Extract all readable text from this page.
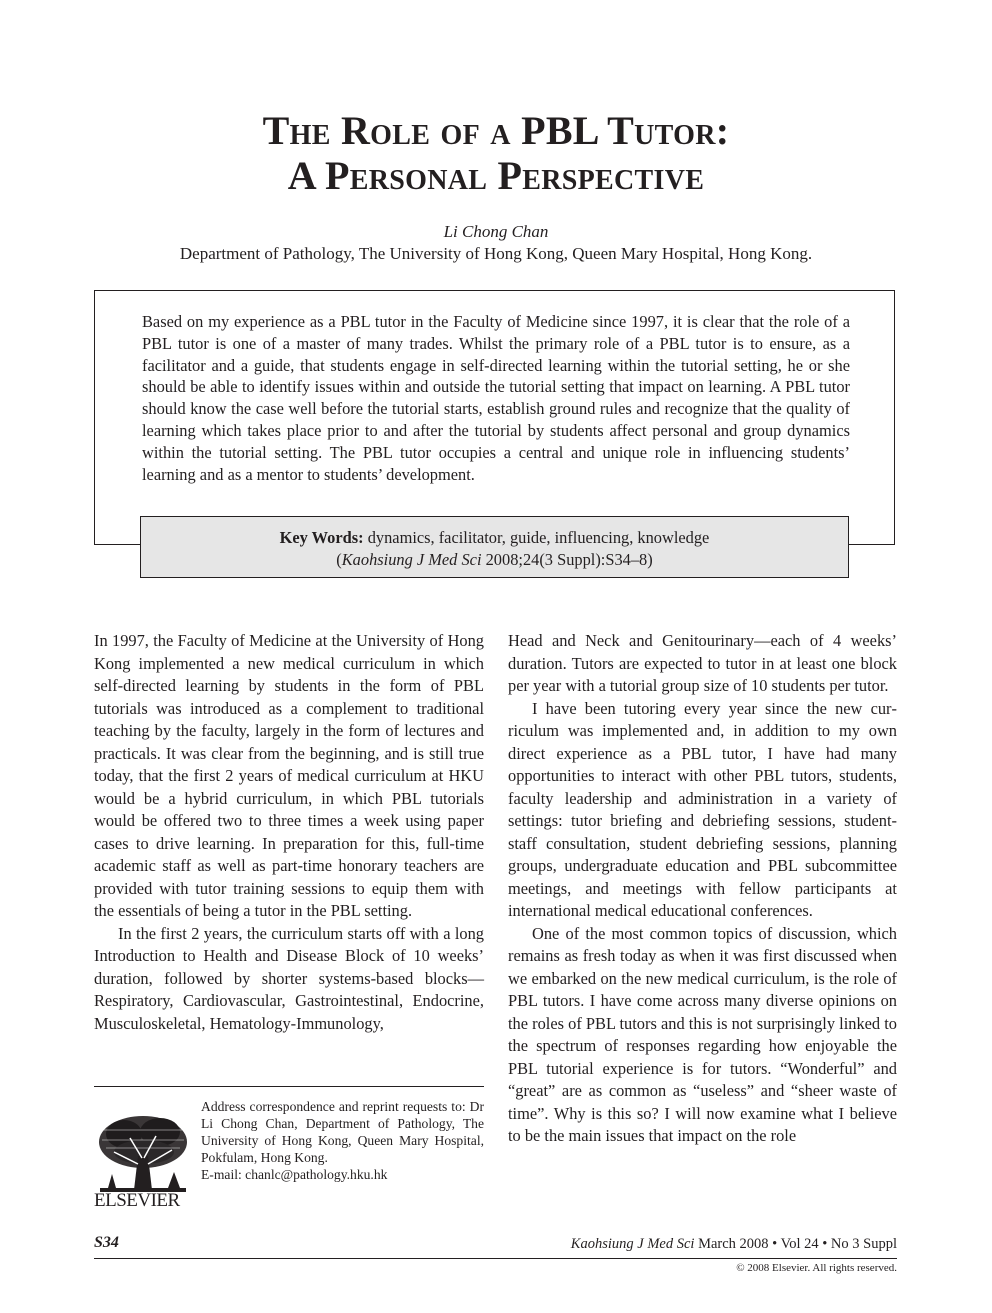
The Role of a PBL Tutor:
A Personal Perspective
Li Chong Chan
Department of Pathology, The University of Hong Kong, Queen Mary Hospital, Hong Kong.
Based on my experience as a PBL tutor in the Faculty of Medicine since 1997, it is clear that the role of a PBL tutor is one of a master of many trades. Whilst the primary role of a PBL tutor is to ensure, as a facilitator and a guide, that students engage in self-directed learning within the tutorial setting, he or she should be able to identify issues within and outside the tutorial setting that impact on learning. A PBL tutor should know the case well before the tutorial starts, establish ground rules and recognize that the quality of learning which takes place prior to and after the tutorial by students affect personal and group dynamics within the tutorial setting. The PBL tutor occupies a central and unique role in influencing students’ learning and as a mentor to students’ development.
Key Words: dynamics, facilitator, guide, influencing, knowledge
(Kaohsiung J Med Sci 2008;24(3 Suppl):S34–8)

In 1997, the Faculty of Medicine at the University of Hong Kong implemented a new medical curriculum in which self-directed learning by students in the form of PBL tutorials was introduced as a complement to traditional teaching by the faculty, largely in the form of lectures and practicals. It was clear from the beginning, and is still true today, that the first 2 years of medical curriculum at HKU would be a hybrid curriculum, in which PBL tutorials would be offered two to three times a week using paper cases to drive learning. In preparation for this, full-time academic staff as well as part-time honorary teachers are provided with tutor training sessions to equip them with the essentials of being a tutor in the PBL setting.

In the first 2 years, the curriculum starts off with a long Introduction to Health and Disease Block of 10 weeks’ duration, followed by shorter systems-based blocks—Respiratory, Cardiovascular, Gastrointestinal, Endocrine, Musculoskeletal, Hematology-Immunology,

Head and Neck and Genitourinary—each of 4 weeks’ duration. Tutors are expected to tutor in at least one block per year with a tutorial group size of 10 students per tutor.

I have been tutoring every year since the new curriculum was implemented and, in addition to my own direct experience as a PBL tutor, I have had many opportunities to interact with other PBL tutors, students, faculty leadership and administration in a variety of settings: tutor briefing and debriefing sessions, student-staff consultation, student debriefing sessions, planning groups, undergraduate education and PBL subcommittee meetings, and meetings with fellow participants at international medical educational conferences.

One of the most common topics of discussion, which remains as fresh today as when it was first discussed when we embarked on the new medical curriculum, is the role of PBL tutors. I have come across many diverse opinions on the roles of PBL tutors and this is not surprisingly linked to the spectrum of responses regarding how enjoyable the PBL tutorial experience is for tutors. “Wonderful” and “great” are as common as “useless” and “sheer waste of time”. Why is this so? I will now examine what I believe to be the main issues that impact on the role

ELSEVIER
Address correspondence and reprint requests to: Dr Li Chong Chan, Department of Pathology, The University of Hong Kong, Queen Mary Hospital, Pokfulam, Hong Kong.
E-mail: chanlc@pathology.hku.hk
S34	Kaohsiung J Med Sci March 2008 • Vol 24 • No 3 Suppl
© 2008 Elsevier. All rights reserved.
